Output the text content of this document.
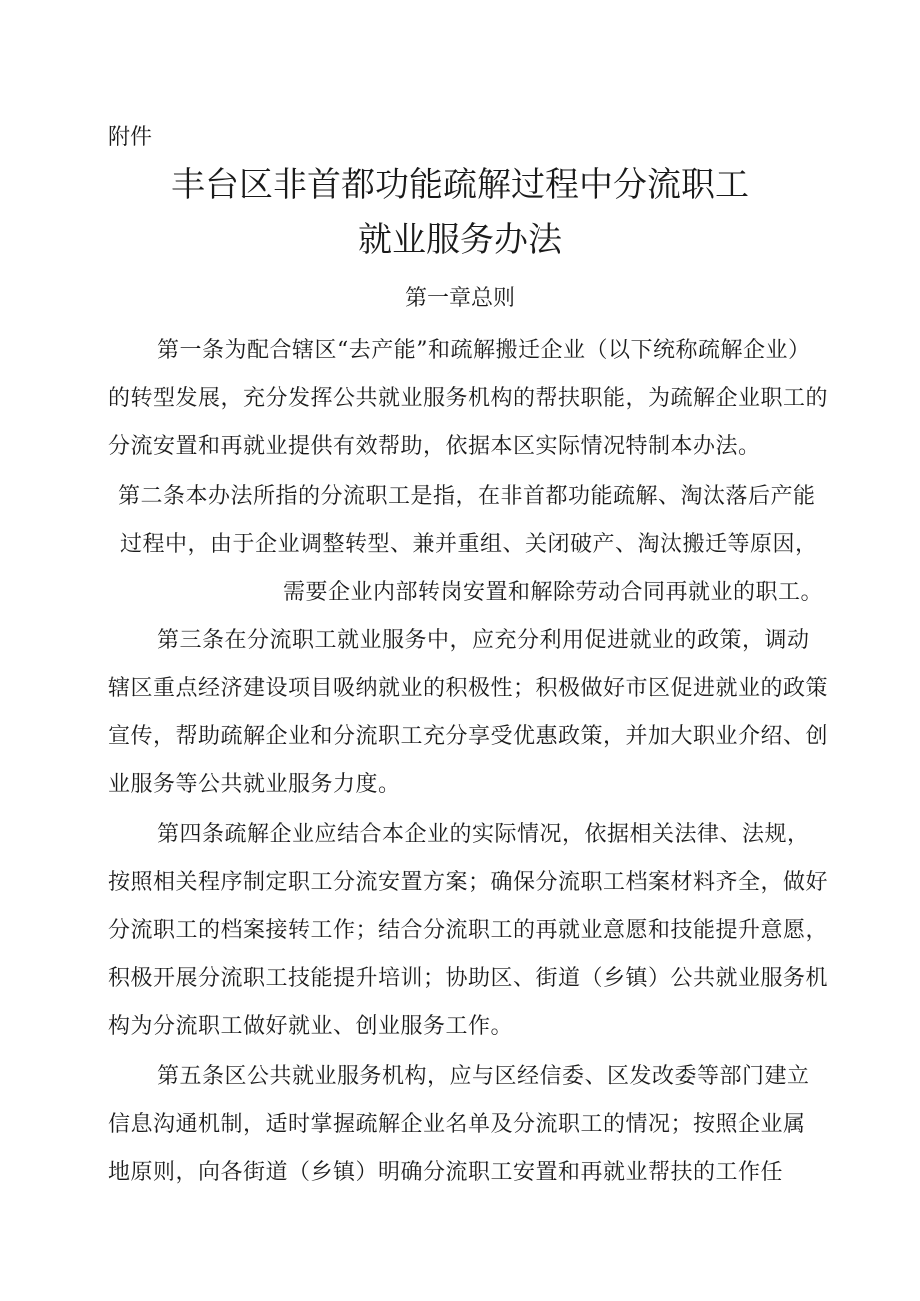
附件
丰台区非首都功能疏解过程中分流职工
就业服务办法
第一章总则
第一条为配合辖区“去产能”和疏解搬迁企业（以下统称疏解企业）
的转型发展，充分发挥公共就业服务机构的帮扶职能，为疏解企业职工的
分流安置和再就业提供有效帮助，依据本区实际情况特制本办法。
第二条本办法所指的分流职工是指，在非首都功能疏解、淘汰落后产能
过程中，由于企业调整转型、兼并重组、关闭破产、淘汰搬迁等原因，
需要企业内部转岗安置和解除劳动合同再就业的职工。
第三条在分流职工就业服务中，应充分利用促进就业的政策，调动
辖区重点经济建设项目吸纳就业的积极性；积极做好市区促进就业的政策
宣传，帮助疏解企业和分流职工充分享受优惠政策，并加大职业介绍、创
业服务等公共就业服务力度。
第四条疏解企业应结合本企业的实际情况，依据相关法律、法规，
按照相关程序制定职工分流安置方案；确保分流职工档案材料齐全，做好
分流职工的档案接转工作；结合分流职工的再就业意愿和技能提升意愿，
积极开展分流职工技能提升培训；协助区、街道（乡镇）公共就业服务机
构为分流职工做好就业、创业服务工作。
第五条区公共就业服务机构，应与区经信委、区发改委等部门建立
信息沟通机制，适时掌握疏解企业名单及分流职工的情况；按照企业属
地原则，向各街道（乡镇）明确分流职工安置和再就业帮扶的工作任
